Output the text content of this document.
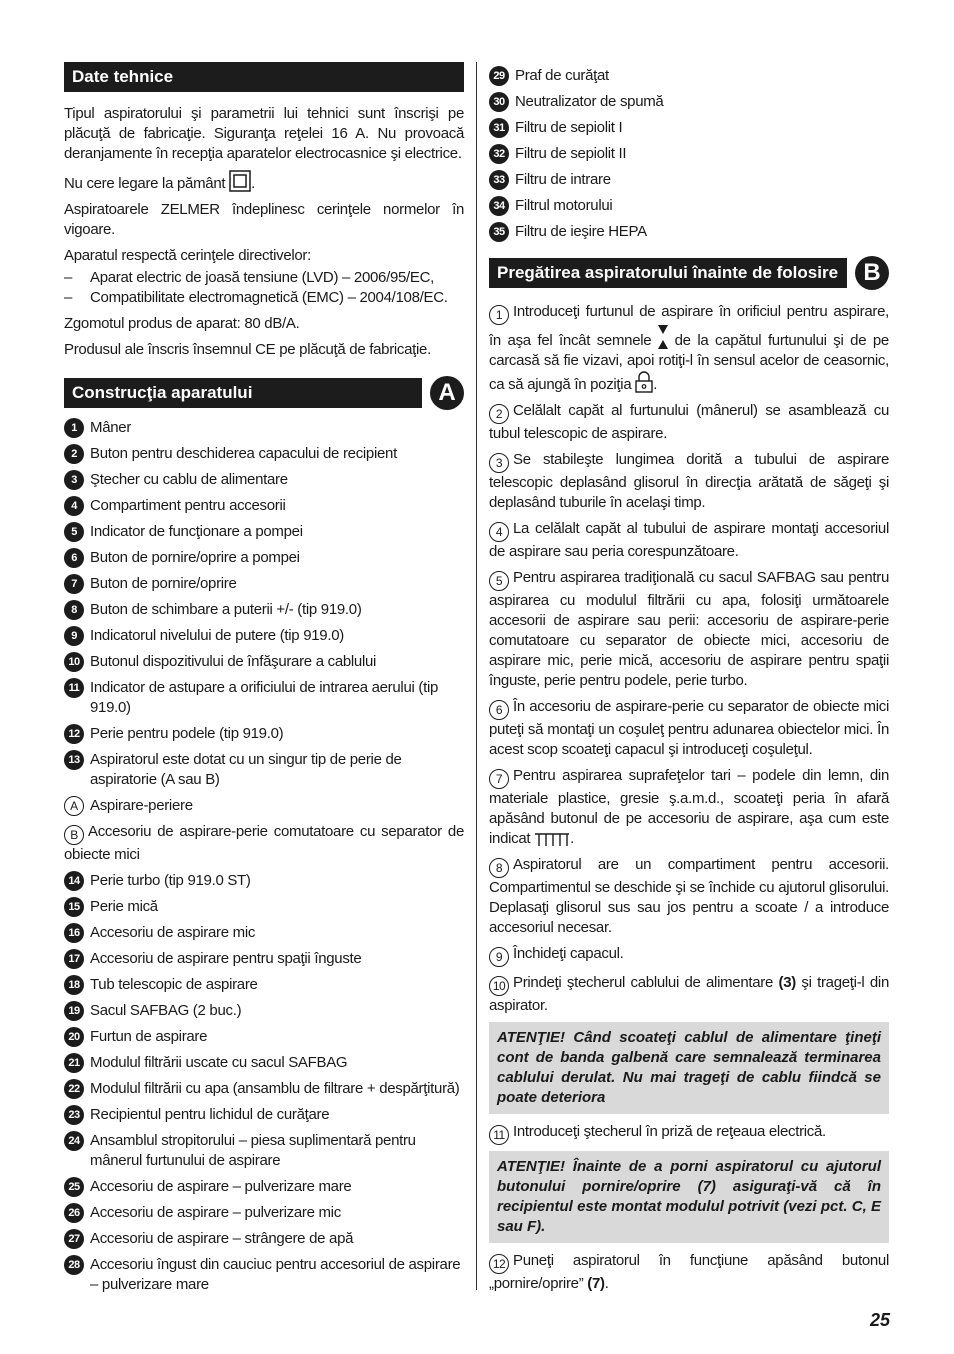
Date tehnice

Tipul aspiratorului şi parametrii lui tehnici sunt înscrişi pe plăcuţă de fabricaţie. Siguranţa reţelei 16 A. Nu provoacă deranjamente în recepţia aparatelor electrocasnice şi electrice.

Nu cere legare la pământ .

Aspiratoarele ZELMER îndeplinesc cerinţele normelor în vigoare.

Aparatul respectă cerinţele directivelor:

–	Aparat electric de joasă tensiune (LVD) – 2006/95/EC,
–	Compatibilitate electromagnetică (EMC) – 2004/108/EC.

Zgomotul produs de aparat: 80 dB/A.

Produsul ale înscris însemnul CE pe plăcuţă de fabricaţie.

Construcţia aparatului	A
1 Mâner
2 Buton pentru deschiderea capacului de recipient
3 Ştecher cu cablu de alimentare
4 Compartiment pentru accesorii
5 Indicator de funcţionare a pompei
6 Buton de pornire/oprire a pompei
7 Buton de pornire/oprire
8 Buton de schimbare a puterii +/- (tip 919.0)
9 Indicatorul nivelului de putere (tip 919.0)
10 Butonul dispozitivului de înfăşurare a cablului
11 Indicator de astupare a orificiului de intrarea aerului (tip 919.0)
12 Perie pentru podele (tip 919.0)
13 Aspiratorul este dotat cu un singur tip de perie de aspiratorie (A sau B)
A Aspirare-periere

B Accesoriu de aspirare-perie comutatoare cu separator de obiecte mici

14 Perie turbo (tip 919.0 ST)
15 Perie mică
16 Accesoriu de aspirare mic
17 Accesoriu de aspirare pentru spaţii înguste
18 Tub telescopic de aspirare
19 Sacul SAFBAG (2 buc.)
20 Furtun de aspirare
21 Modulul filtrării uscate cu sacul SAFBAG
22 Modulul filtrării cu apa (ansamblu de filtrare + despărţitură)
23 Recipientul pentru lichidul de curăţare
24 Ansamblul stropitorului – piesa suplimentară pentru mânerul furtunului de aspirare
25 Accesoriu de aspirare – pulverizare mare
26 Accesoriu de aspirare – pulverizare mic
27 Accesoriu de aspirare – strângere de apă
28 Accesoriu îngust din cauciuc pentru accesoriul de aspirare – pulverizare mare
29 Praf de curăţat
30 Neutralizator de spumă
31 Filtru de sepiolit I
32 Filtru de sepiolit II
33 Filtru de intrare
34 Filtrul motorului
35 Filtru de ieşire HEPA
Pregătirea aspiratorului înainte de folosire	B

1 Introduceţi furtunul de aspirare în orificiul pentru aspirare, în aşa fel încât semnele de la capătul furtunului şi de pe carcasă să fie vizavi, apoi rotiţi-l în sensul acelor de ceasornic, ca să ajungă în poziţia .

2 Celălalt capăt al furtunului (mânerul) se asamblează cu tubul telescopic de aspirare.

3 Se stabileşte lungimea dorită a tubului de aspirare telescopic deplasând glisorul în direcţia arătată de săgeţi şi deplasând tuburile în acelaşi timp.

4 La celălalt capăt al tubului de aspirare montaţi accesoriul de aspirare sau peria corespunzătoare.

5 Pentru aspirarea tradiţională cu sacul SAFBAG sau pentru aspirarea cu modulul filtrării cu apa, folosiţi următoarele accesorii de aspirare sau perii: accesoriu de aspirare-perie comutatoare cu separator de obiecte mici, accesoriu de aspirare mic, perie mică, accesoriu de aspirare pentru spaţii înguste, perie pentru podele, perie turbo.

6 În accesoriu de aspirare-perie cu separator de obiecte mici puteţi să montaţi un coşuleţ pentru adunarea obiectelor mici. În acest scop scoateţi capacul şi introduceţi coşuleţul.

7 Pentru aspirarea suprafeţelor tari – podele din lemn, din materiale plastice, gresie ş.a.m.d., scoateţi peria în afară apăsând butonul de pe accesoriu de aspirare, aşa cum este indicat	.

8 Aspiratorul are un compartiment pentru accesorii. Compartimentul se deschide şi se închide cu ajutorul glisorului. Deplasaţi glisorul sus sau jos pentru a scoate / a introduce accesoriul necesar.

9 Închideţi capacul.

10 Prindeţi ştecherul cablului de alimentare (3) şi trageţi-l din aspirator.

ATENŢIE! Când scoateţi cablul de alimentare ţineţi cont de banda galbenă care semnalează terminarea cablului derulat. Nu mai trageţi de cablu fiindcă se poate deteriora

11 Introduceţi ştecherul în priză de reţeaua electrică.

ATENŢIE! Înainte de a porni aspiratorul cu ajutorul butonului pornire/oprire (7) asiguraţi-vă că în recipientul este montat modulul potrivit (vezi pct. C, E sau F).

12 Puneţi aspiratorul în funcţiune apăsând butonul „pornire/oprire” (7).

25
